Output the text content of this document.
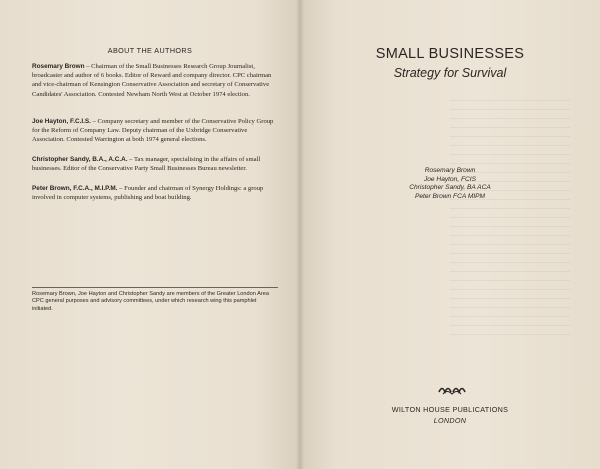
ABOUT THE AUTHORS
Rosemary Brown – Chairman of the Small Businesses Research Group Journalist, broadcaster and author of 6 books. Editor of Reward and company director. CPC chairman and vice-chairman of Kensington Conservative Association and secretary of Conservative Candidates' Association. Contested Newham North West at October 1974 election.
Joe Hayton, F.C.I.S. – Company secretary and member of the Conservative Policy Group for the Reform of Company Law. Deputy chairman of the Uxbridge Conservative Association. Contested Warrington at both 1974 general elections.
Christopher Sandy, B.A., A.C.A. – Tax manager, specialising in the affairs of small businesses. Editor of the Conservative Party Small Businesses Bureau newsletter.
Peter Brown, F.C.A., M.I.P.M. – Founder and chairman of Synergy Holdings: a group involved in computer systems, publishing and boat building.
Rosemary Brown, Joe Hayton and Christopher Sandy are members of the Greater London Area CPC general purposes and advisory committees, under which research wing this pamphlet initiated.
SMALL BUSINESSES
Strategy for Survival
Rosemary Brown
Joe Hayton, FCIS
Christopher Sandy, BA ACA
Peter Brown FCA MIPM
WILTON HOUSE PUBLICATIONS
LONDON
